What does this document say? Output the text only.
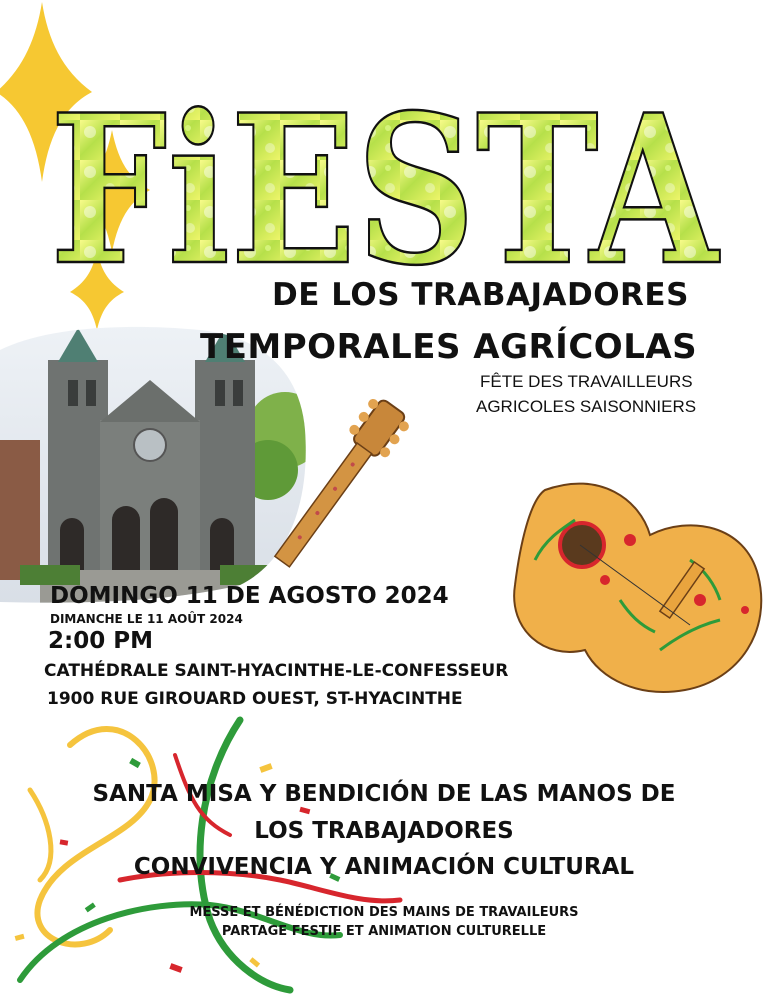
FiESTA
DE LOS TRABAJADORES
TEMPORALES AGRÍCOLAS
FÊTE DES TRAVAILLEURS
AGRICOLES SAISONNIERS
DOMINGO 11 DE AGOSTO 2024
DIMANCHE LE 11 AOÛT 2024
2:00 PM
CATHÉDRALE SAINT-HYACINTHE-LE-CONFESSEUR
1900 RUE GIROUARD OUEST, ST-HYACINTHE
SANTA MISA Y BENDICIÓN DE LAS MANOS DE
LOS TRABAJADORES
CONVIVENCIA Y ANIMACIÓN CULTURAL
MESSE ET BÉNÉDICTION DES MAINS DE TRAVAILEURS
PARTAGE FESTIF ET ANIMATION CULTURELLE
